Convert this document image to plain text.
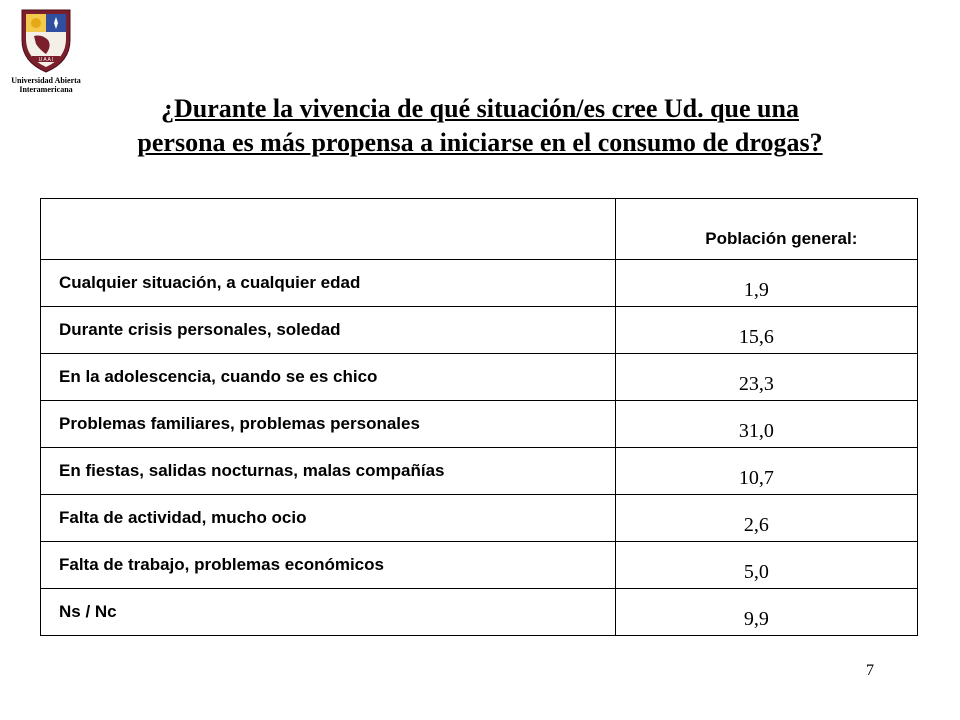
U A A I
Universidad Abierta
Interamericana
¿Durante la vivencia de qué situación/es cree Ud. que una
persona es más propensa a iniciarse en el consumo de drogas?

	Población general:

Cualquier situación, a cualquier edad	1,9

Durante crisis personales, soledad	15,6

En la adolescencia, cuando se es chico	23,3

Problemas familiares, problemas personales	31,0

En fiestas, salidas nocturnas, malas compañías	10,7

Falta de actividad, mucho ocio	2,6

Falta de trabajo, problemas económicos	5,0

Ns / Nc	9,9
7
